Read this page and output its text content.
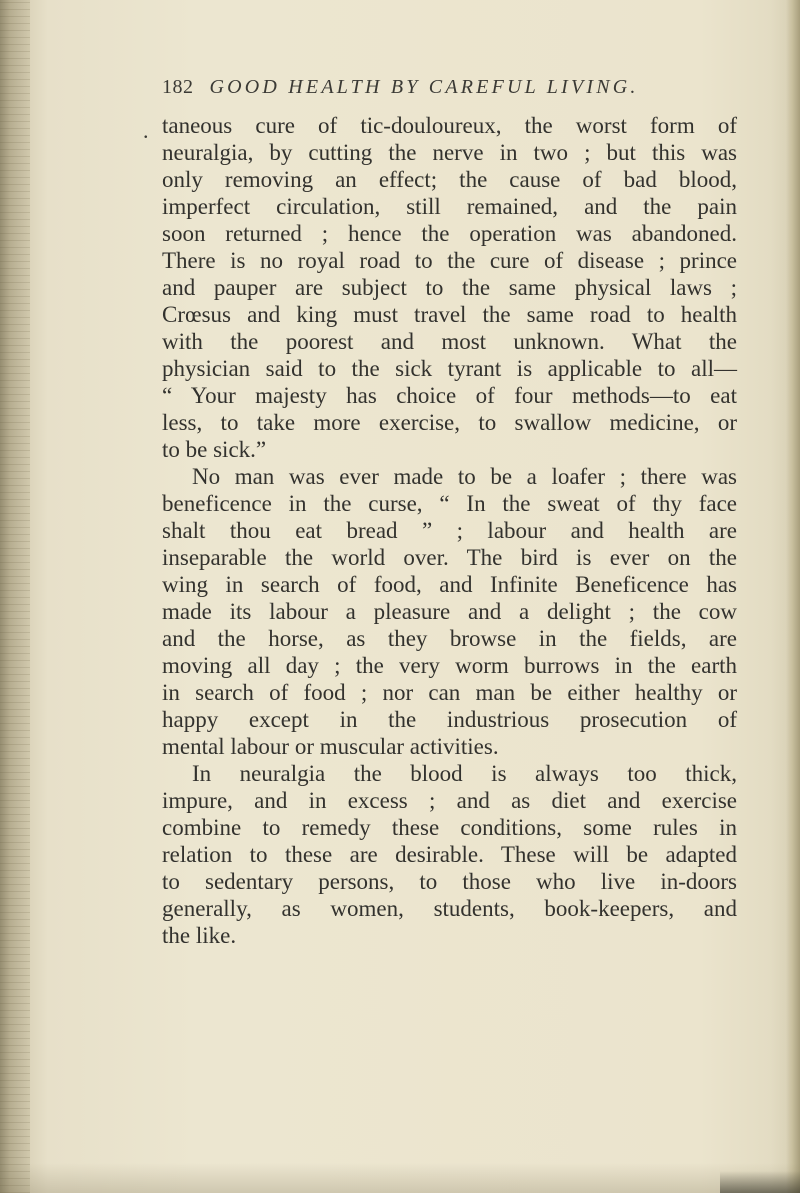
182 GOOD HEALTH BY CAREFUL LIVING.
. taneous cure of tic-douloureux, the worst form of
neuralgia, by cutting the nerve in two ; but this was
only removing an effect; the cause of bad blood,
imperfect circulation, still remained, and the pain
soon returned ; hence the operation was abandoned.
There is no royal road to the cure of disease ; prince
and pauper are subject to the same physical laws ;
Crœsus and king must travel the same road to health
with the poorest and most unknown. What the
physician said to the sick tyrant is applicable to all—
“ Your majesty has choice of four methods—to eat
less, to take more exercise, to swallow medicine, or
to be sick.”
No man was ever made to be a loafer ; there was
beneficence in the curse, “ In the sweat of thy face
shalt thou eat bread ” ; labour and health are
inseparable the world over. The bird is ever on the
wing in search of food, and Infinite Beneficence has
made its labour a pleasure and a delight ; the cow
and the horse, as they browse in the fields, are
moving all day ; the very worm burrows in the earth
in search of food ; nor can man be either healthy or
happy except in the industrious prosecution of
mental labour or muscular activities.
In neuralgia the blood is always too thick,
impure, and in excess ; and as diet and exercise
combine to remedy these conditions, some rules in
relation to these are desirable. These will be adapted
to sedentary persons, to those who live in-doors
generally, as women, students, book-keepers, and
the like.
